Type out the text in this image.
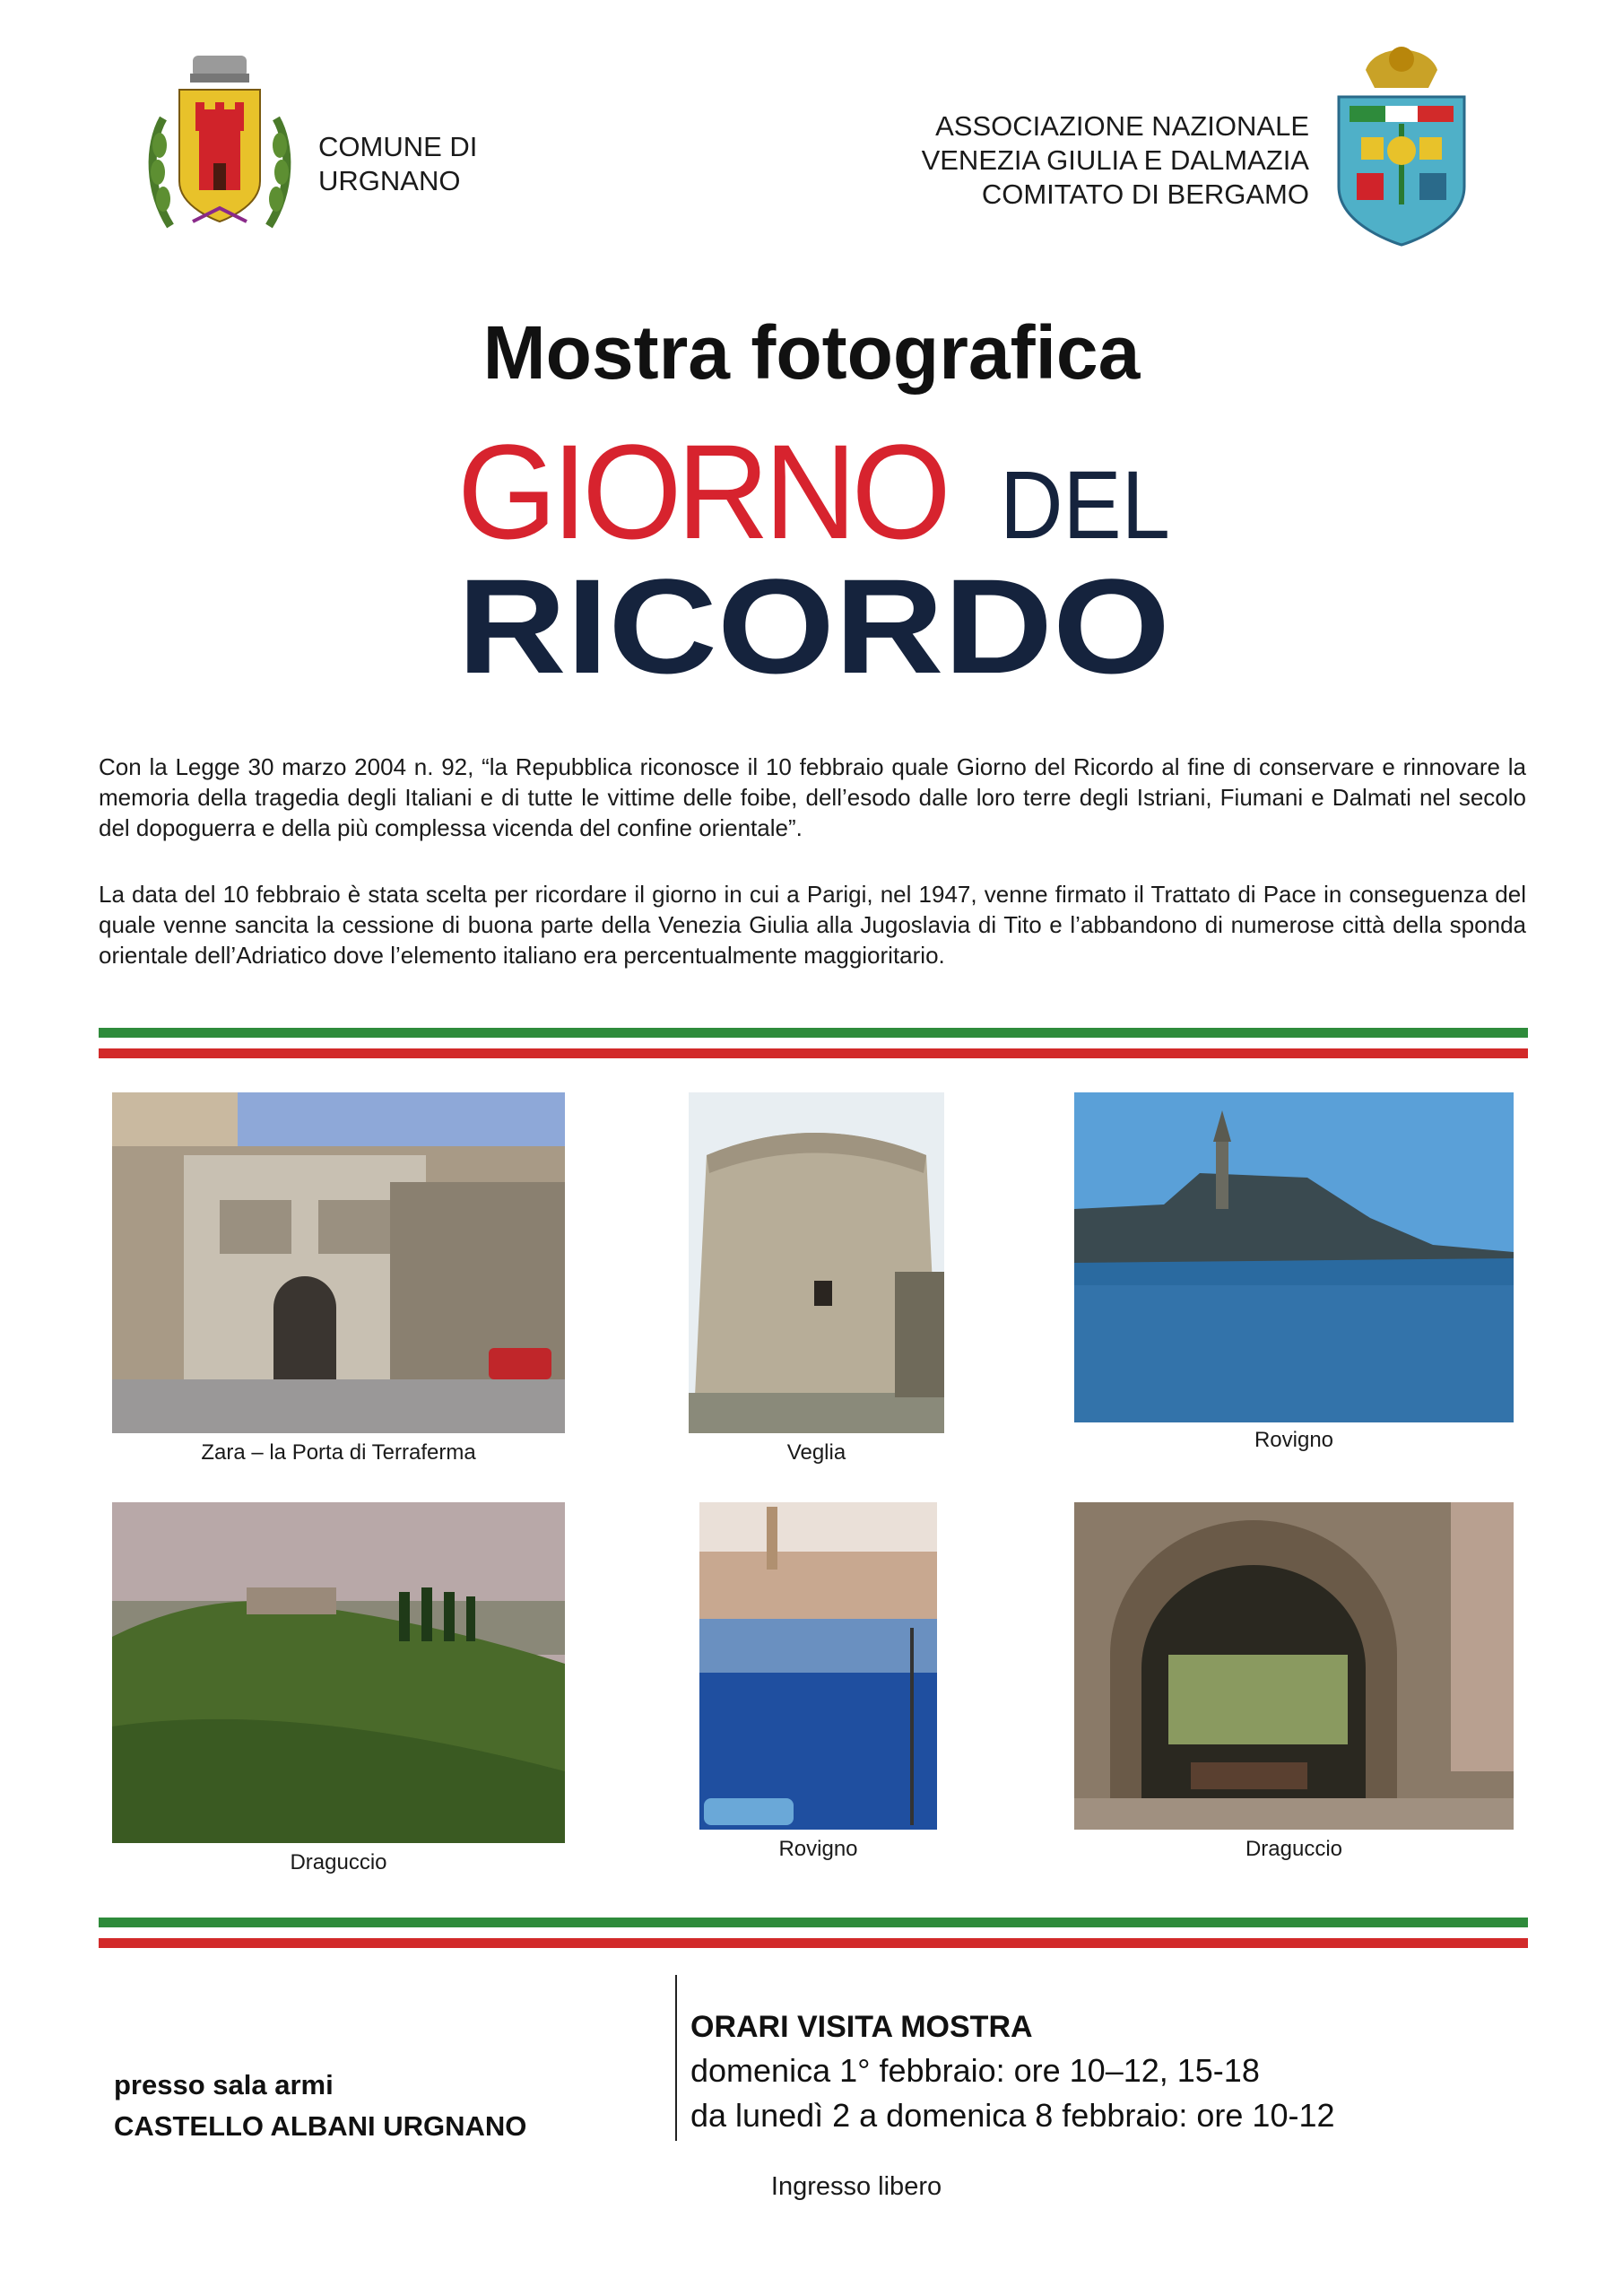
COMUNE DI
URGNANO
ASSOCIAZIONE NAZIONALE
VENEZIA GIULIA E DALMAZIA
COMITATO DI BERGAMO
Mostra fotografica
GIORNO DEL
RICORDO
Con la Legge 30 marzo 2004 n. 92, “la Repubblica riconosce il 10 febbraio quale Giorno del Ricordo al fine di conservare e rinnovare la memoria della tragedia degli Italiani e di tutte le vittime delle foibe, dell’esodo dalle loro terre degli Istriani, Fiumani e Dalmati nel secolo del dopoguerra e della più complessa vicenda del confine orientale”.
La data del 10 febbraio è stata scelta per ricordare il giorno in cui a Parigi, nel 1947, venne firmato il Trattato di Pace in conseguenza del quale venne sancita la cessione di buona parte della Venezia Giulia alla Jugoslavia di Tito e l’abbandono di numerose città della sponda orientale dell’Adriatico dove l’elemento italiano era percentualmente maggioritario.
Zara – la Porta di Terraferma	Veglia
Rovigno
Draguccio
Rovigno	Draguccio
presso sala armi
CASTELLO ALBANI URGNANO
ORARI VISITA MOSTRA
domenica 1° febbraio: ore 10–12, 15-18
da lunedì 2 a domenica 8 febbraio: ore 10-12
Ingresso libero
